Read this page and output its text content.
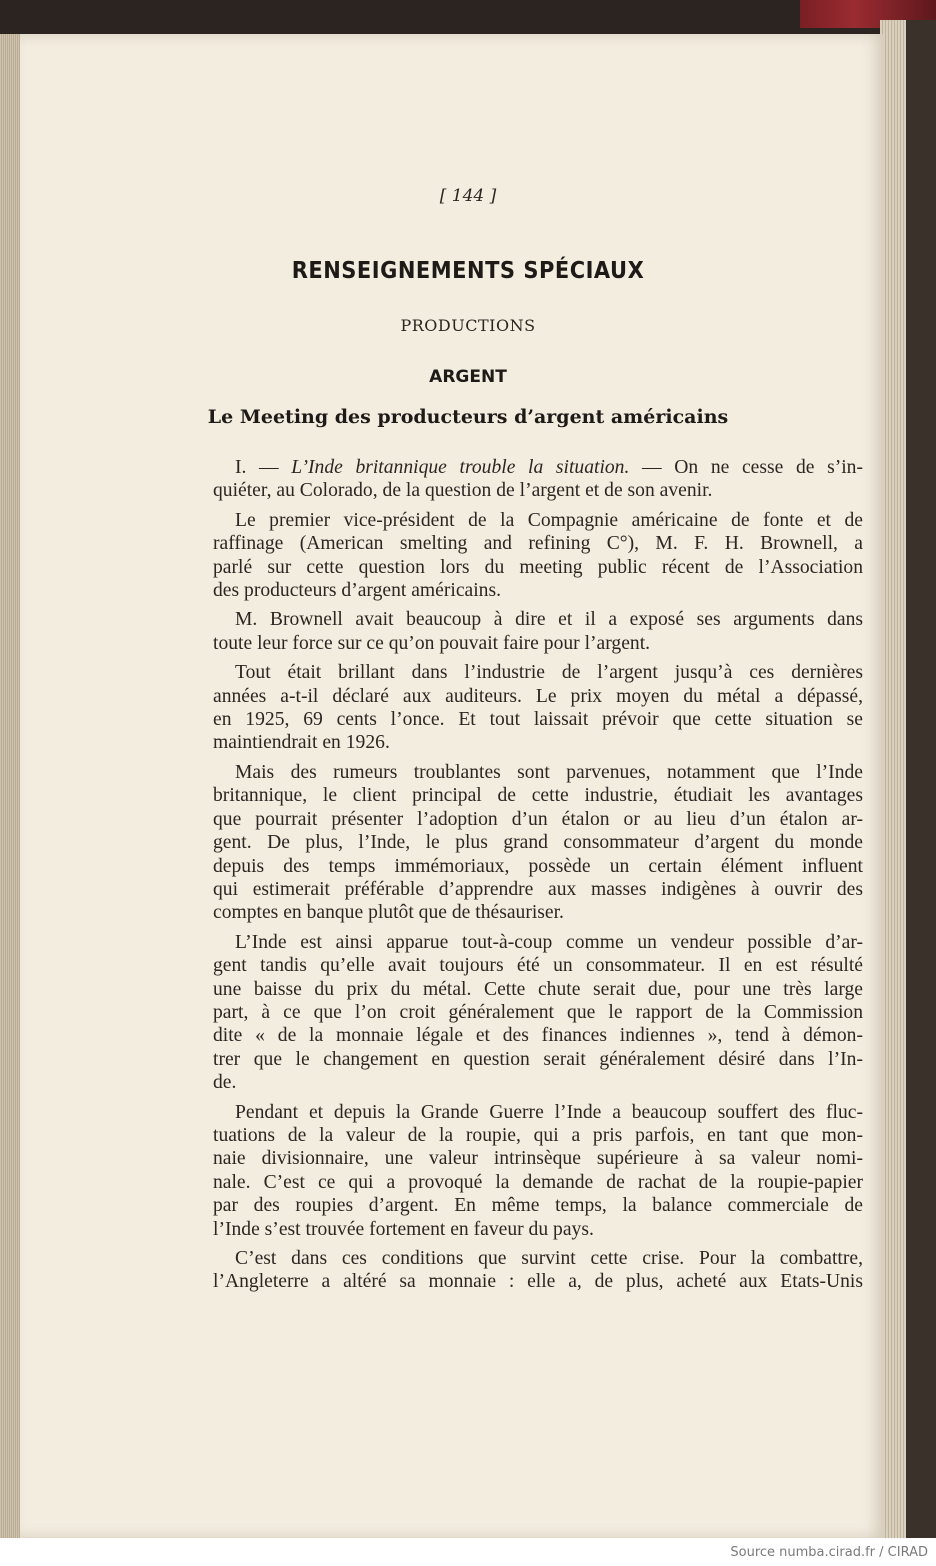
[ 144 ]
RENSEIGNEMENTS SPÉCIAUX
PRODUCTIONS
ARGENT
Le Meeting des producteurs d’argent américains
I. — L’Inde britannique trouble la situation. — On ne cesse de s’in-
quiéter, au Colorado, de la question de l’argent et de son avenir.
Le premier vice-président de la Compagnie américaine de fonte et de
raffinage (American smelting and refining C°), M. F. H. Brownell, a
parlé sur cette question lors du meeting public récent de l’Association
des producteurs d’argent américains.
M. Brownell avait beaucoup à dire et il a exposé ses arguments dans
toute leur force sur ce qu’on pouvait faire pour l’argent.
Tout était brillant dans l’industrie de l’argent jusqu’à ces dernières
années a-t-il déclaré aux auditeurs. Le prix moyen du métal a dépassé,
en 1925, 69 cents l’once. Et tout laissait prévoir que cette situation se
maintiendrait en 1926.
Mais des rumeurs troublantes sont parvenues, notamment que l’Inde
britannique, le client principal de cette industrie, étudiait les avantages
que pourrait présenter l’adoption d’un étalon or au lieu d’un étalon ar-
gent. De plus, l’Inde, le plus grand consommateur d’argent du monde
depuis des temps immémoriaux, possède un certain élément influent
qui estimerait préférable d’apprendre aux masses indigènes à ouvrir des
comptes en banque plutôt que de thésauriser.
L’Inde est ainsi apparue tout-à-coup comme un vendeur possible d’ar-
gent tandis qu’elle avait toujours été un consommateur. Il en est résulté
une baisse du prix du métal. Cette chute serait due, pour une très large
part, à ce que l’on croit généralement que le rapport de la Commission
dite « de la monnaie légale et des finances indiennes », tend à démon-
trer que le changement en question serait généralement désiré dans l’In-
de.
Pendant et depuis la Grande Guerre l’Inde a beaucoup souffert des fluc-
tuations de la valeur de la roupie, qui a pris parfois, en tant que mon-
naie divisionnaire, une valeur intrinsèque supérieure à sa valeur nomi-
nale. C’est ce qui a provoqué la demande de rachat de la roupie-papier
par des roupies d’argent. En même temps, la balance commerciale de
l’Inde s’est trouvée fortement en faveur du pays.
C’est dans ces conditions que survint cette crise. Pour la combattre,
l’Angleterre a altéré sa monnaie : elle a, de plus, acheté aux Etats-Unis
Source numba.cirad.fr / CIRAD
